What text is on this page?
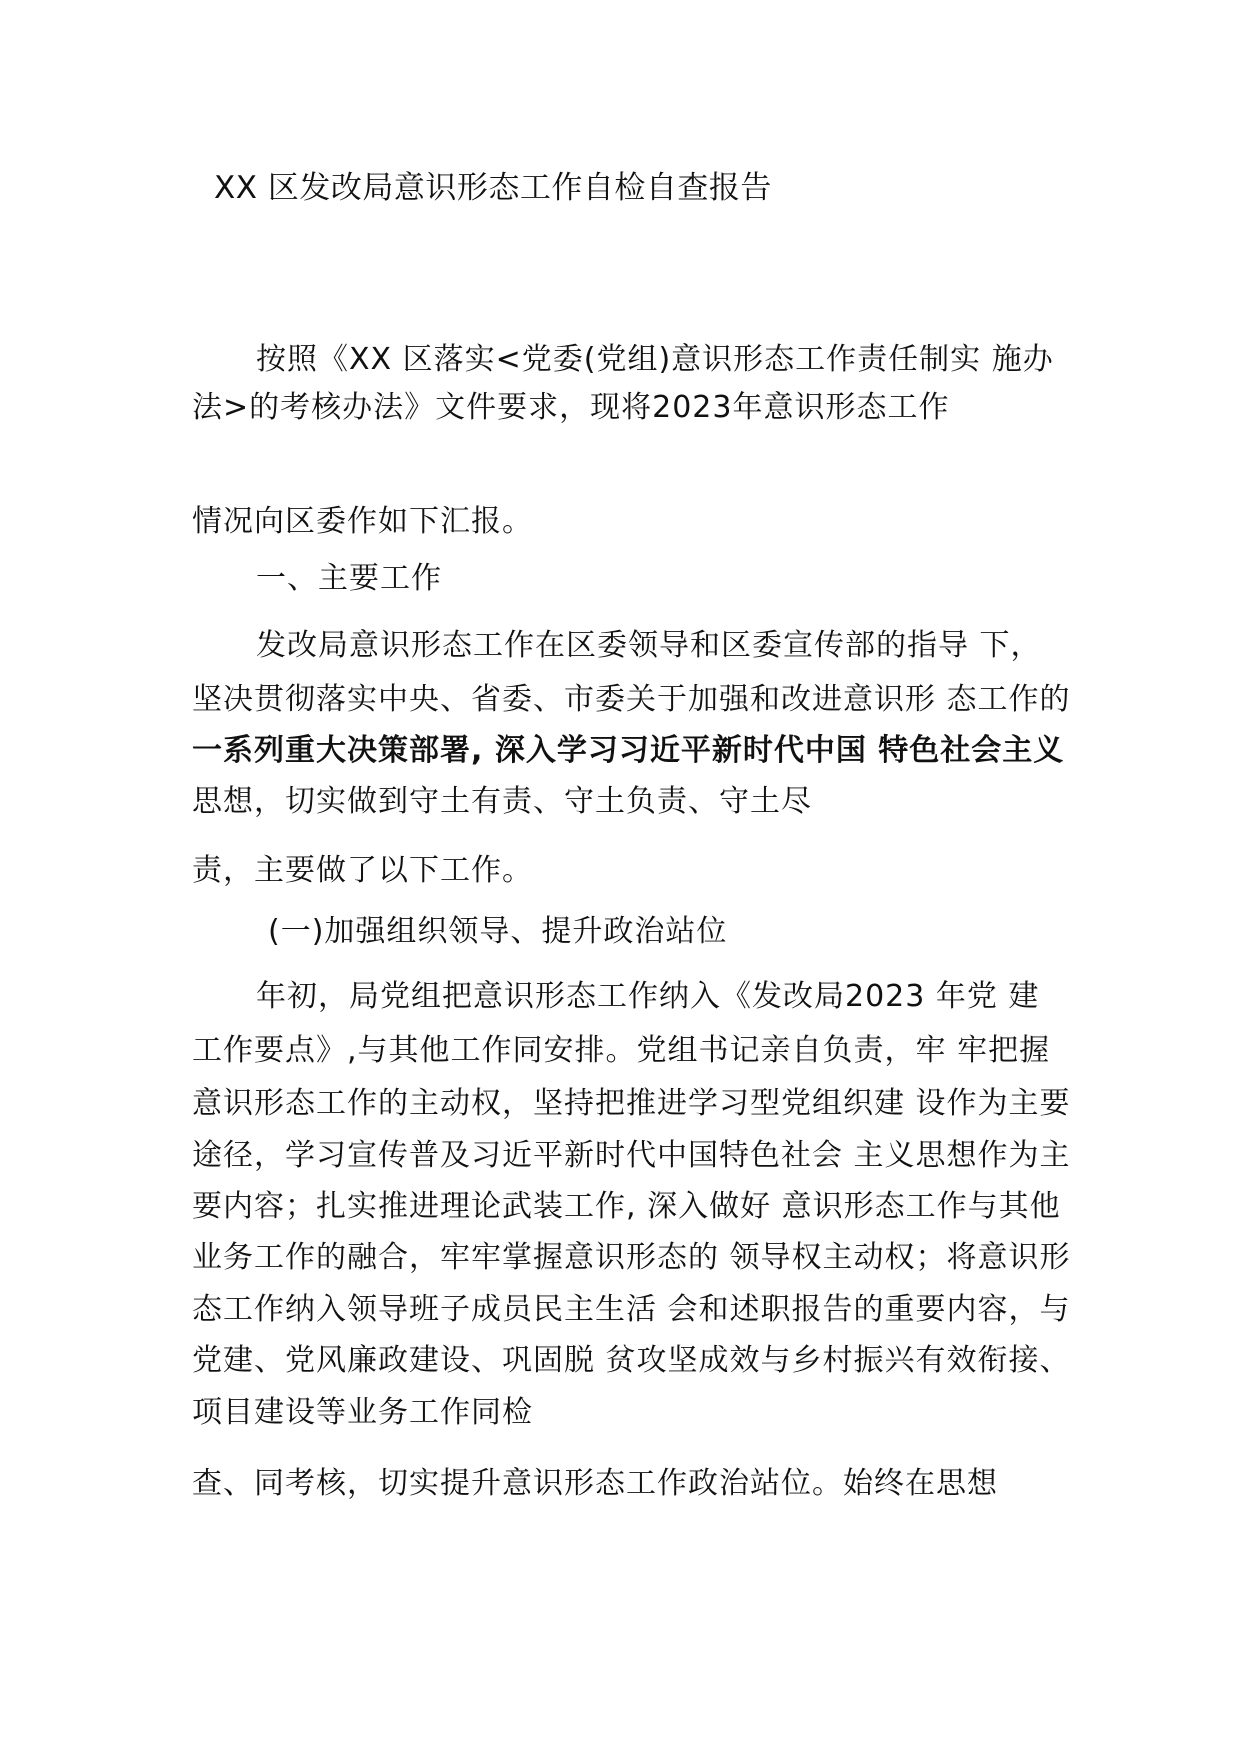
XX 区发改局意识形态工作自检自查报告
按照《XX 区落实<党委(党组)意识形态工作责任制实 施办
法>的考核办法》文件要求，现将2023年意识形态工作
情况向区委作如下汇报。
一、主要工作
发改局意识形态工作在区委领导和区委宣传部的指导 下，
坚决贯彻落实中央、省委、市委关于加强和改进意识形 态工作的
一系列重大决策部署, 深入学习习近平新时代中国 特色社会主义
思想，切实做到守土有责、守土负责、守土尽
责，主要做了以下工作。
(一)加强组织领导、提升政治站位
年初，局党组把意识形态工作纳入《发改局2023 年党 建
工作要点》,与其他工作同安排。党组书记亲自负责，牢 牢把握
意识形态工作的主动权，坚持把推进学习型党组织建 设作为主要
途径，学习宣传普及习近平新时代中国特色社会 主义思想作为主
要内容；扎实推进理论武装工作, 深入做好 意识形态工作与其他
业务工作的融合，牢牢掌握意识形态的 领导权主动权；将意识形
态工作纳入领导班子成员民主生活 会和述职报告的重要内容，与
党建、党风廉政建设、巩固脱 贫攻坚成效与乡村振兴有效衔接、
项目建设等业务工作同检
查、同考核，切实提升意识形态工作政治站位。始终在思想
